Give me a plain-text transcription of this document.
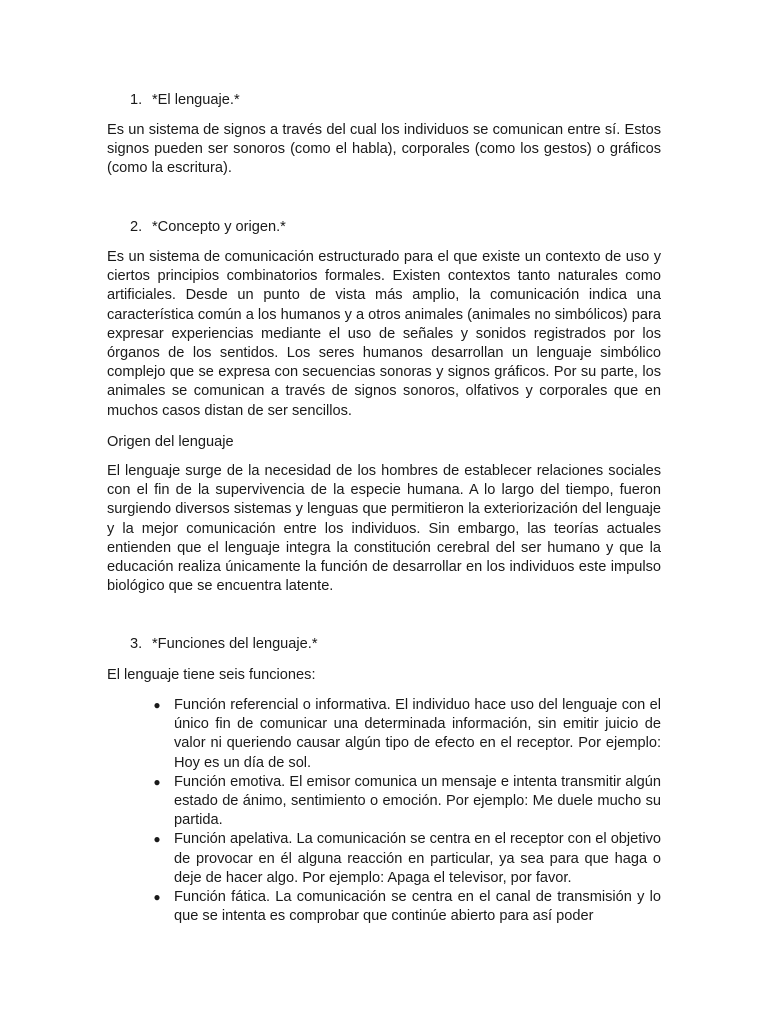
1. *El lenguaje.*

Es un sistema de signos a través del cual los individuos se comunican entre sí. Estos signos pueden ser sonoros (como el habla), corporales (como los gestos) o gráficos (como la escritura).

2. *Concepto y origen.*

Es un sistema de comunicación estructurado para el que existe un contexto de uso y ciertos principios combinatorios formales. Existen contextos tanto naturales como artificiales. Desde un punto de vista más amplio, la comunicación indica una característica común a los humanos y a otros animales (animales no simbólicos) para expresar experiencias mediante el uso de señales y sonidos registrados por los órganos de los sentidos. Los seres humanos desarrollan un lenguaje simbólico complejo que se expresa con secuencias sonoras y signos gráficos. Por su parte, los animales se comunican a través de signos sonoros, olfativos y corporales que en muchos casos distan de ser sencillos.

Origen del lenguaje

El lenguaje surge de la necesidad de los hombres de establecer relaciones sociales con el fin de la supervivencia de la especie humana. A lo largo del tiempo, fueron surgiendo diversos sistemas y lenguas que permitieron la exteriorización del lenguaje y la mejor comunicación entre los individuos. Sin embargo, las teorías actuales entienden que el lenguaje integra la constitución cerebral del ser humano y que la educación realiza únicamente la función de desarrollar en los individuos este impulso biológico que se encuentra latente.

3. *Funciones del lenguaje.*

El lenguaje tiene seis funciones:

● Función referencial o informativa. El individuo hace uso del lenguaje con el único fin de comunicar una determinada información, sin emitir juicio de valor ni queriendo causar algún tipo de efecto en el receptor. Por ejemplo: Hoy es un día de sol.
● Función emotiva. El emisor comunica un mensaje e intenta transmitir algún estado de ánimo, sentimiento o emoción. Por ejemplo: Me duele mucho su partida.
● Función apelativa. La comunicación se centra en el receptor con el objetivo de provocar en él alguna reacción en particular, ya sea para que haga o deje de hacer algo. Por ejemplo: Apaga el televisor, por favor.
● Función fática. La comunicación se centra en el canal de transmisión y lo que se intenta es comprobar que continúe abierto para así poder
